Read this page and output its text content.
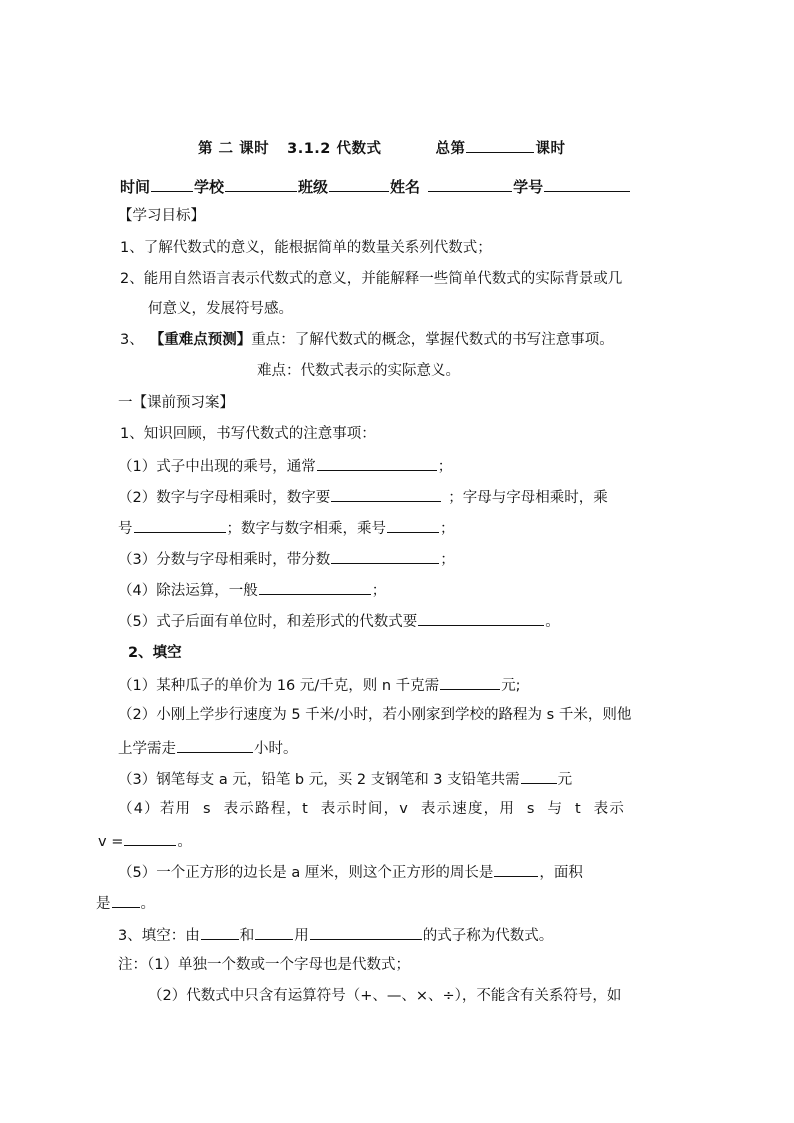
第 二 课时 3.1.2 代数式	总第	课时
时间	学校	班级	姓名	学号
【学习目标】
1、了解代数式的意义，能根据简单的数量关系列代数式；
2、能用自然语言表示代数式的意义，并能解释一些简单代数式的实际背景或几
何意义，发展符号感。
3、 【重难点预测】重点：了解代数式的概念，掌握代数式的书写注意事项。
难点：代数式表示的实际意义。
一【课前预习案】
1、知识回顾，书写代数式的注意事项：
（1）式子中出现的乘号，通常	；
（2）数字与字母相乘时，数字要	；字母与字母相乘时，乘
号	；数字与数字相乘，乘号	；
（3）分数与字母相乘时，带分数	；
（4）除法运算，一般	；
（5）式子后面有单位时，和差形式的代数式要	。
2、填空
（1）某种瓜子的单价为 16 元/千克，则 n 千克需	元;
（2）小刚上学步行速度为 5 千米/小时，若小刚家到学校的路程为 s 千米，则他
上学需走	小时。
（3）钢笔每支 a 元，铅笔 b 元，买 2 支钢笔和 3 支铅笔共需	元
（4）若用 s 表示路程，t 表示时间，v 表示速度，用 s 与 t 表示
v =	。
（5）一个正方形的边长是 a 厘米，则这个正方形的周长是	，面积
是 。
3、填空：由	和	用	的式子称为代数式。
注：（1）单独一个数或一个字母也是代数式；
（2）代数式中只含有运算符号（+、—、×、÷），不能含有关系符号，如
